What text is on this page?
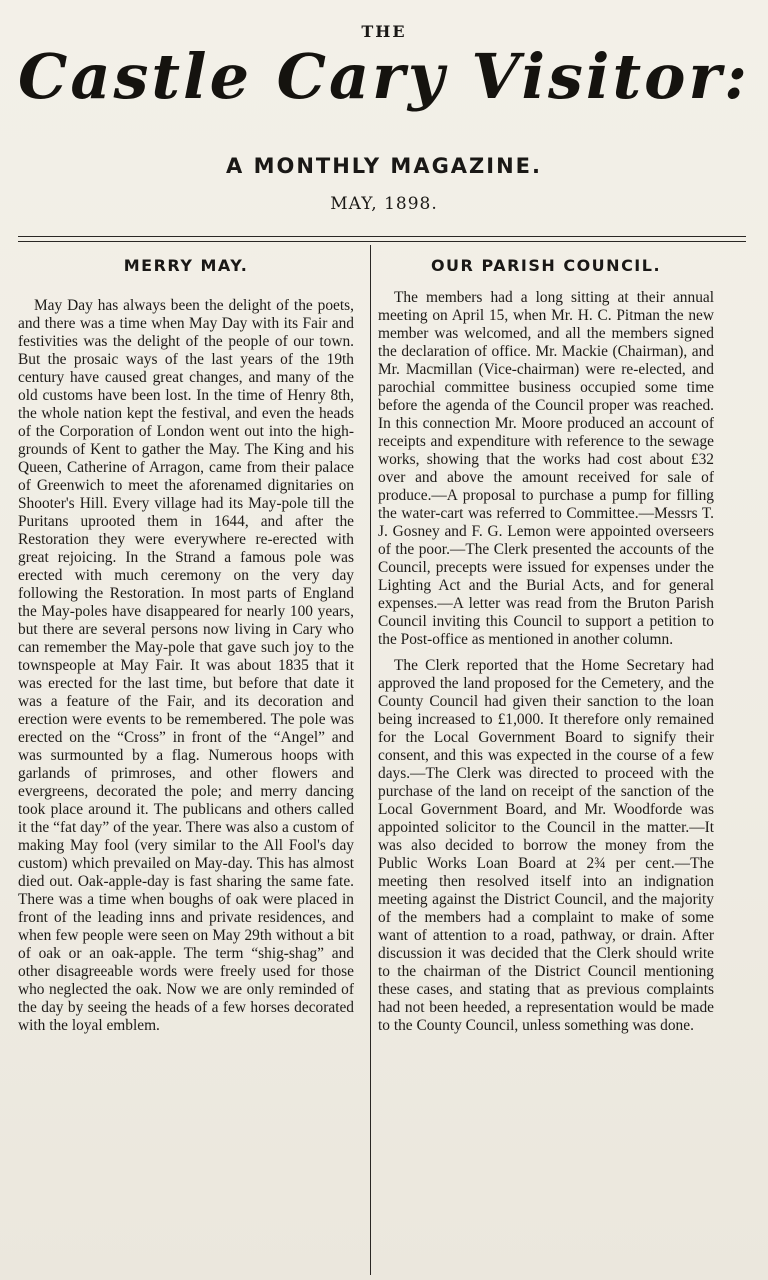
THE
Castle Cary Visitor:
A MONTHLY MAGAZINE.
MAY, 1898.
MERRY MAY.

May Day has always been the delight of the poets, and there was a time when May Day with its Fair and festivities was the delight of the people of our town. But the prosaic ways of the last years of the 19th century have caused great changes, and many of the old customs have been lost. In the time of Henry 8th, the whole nation kept the festival, and even the heads of the Corporation of London went out into the high-grounds of Kent to gather the May. The King and his Queen, Catherine of Arragon, came from their palace of Greenwich to meet the aforenamed dignitaries on Shooter's Hill. Every village had its May-pole till the Puritans uprooted them in 1644, and after the Restoration they were everywhere re-erected with great rejoicing. In the Strand a famous pole was erected with much ceremony on the very day following the Restoration. In most parts of England the May-poles have disappeared for nearly 100 years, but there are several persons now living in Cary who can remember the May-pole that gave such joy to the townspeople at May Fair. It was about 1835 that it was erected for the last time, but before that date it was a feature of the Fair, and its decoration and erection were events to be remembered. The pole was erected on the “Cross” in front of the “Angel” and was surmounted by a flag. Numerous hoops with garlands of primroses, and other flowers and evergreens, decorated the pole; and merry dancing took place around it. The publicans and others called it the “fat day” of the year. There was also a custom of making May fool (very similar to the All Fool's day custom) which prevailed on May-day. This has almost died out. Oak-apple-day is fast sharing the same fate. There was a time when boughs of oak were placed in front of the leading inns and private residences, and when few people were seen on May 29th without a bit of oak or an oak-apple. The term “shig-shag” and other disagreeable words were freely used for those who neglected the oak. Now we are only reminded of the day by seeing the heads of a few horses decorated with the loyal emblem.

OUR PARISH COUNCIL.

The members had a long sitting at their annual meeting on April 15, when Mr. H. C. Pitman the new member was welcomed, and all the members signed the declaration of office. Mr. Mackie (Chairman), and Mr. Macmillan (Vice-chairman) were re-elected, and parochial committee business occupied some time before the agenda of the Council proper was reached. In this connection Mr. Moore produced an account of receipts and expenditure with reference to the sewage works, showing that the works had cost about £32 over and above the amount received for sale of produce.—A proposal to purchase a pump for filling the water-cart was referred to Committee.—Messrs T. J. Gosney and F. G. Lemon were appointed overseers of the poor.—The Clerk presented the accounts of the Council, precepts were issued for expenses under the Lighting Act and the Burial Acts, and for general expenses.—A letter was read from the Bruton Parish Council inviting this Council to support a petition to the Post-office as mentioned in another column.

The Clerk reported that the Home Secretary had approved the land proposed for the Cemetery, and the County Council had given their sanction to the loan being increased to £1,000. It therefore only remained for the Local Government Board to signify their consent, and this was expected in the course of a few days.—The Clerk was directed to proceed with the purchase of the land on receipt of the sanction of the Local Government Board, and Mr. Woodforde was appointed solicitor to the Council in the matter.—It was also decided to borrow the money from the Public Works Loan Board at 2¾ per cent.—The meeting then resolved itself into an indignation meeting against the District Council, and the majority of the members had a complaint to make of some want of attention to a road, pathway, or drain. After discussion it was decided that the Clerk should write to the chairman of the District Council mentioning these cases, and stating that as previous complaints had not been heeded, a representation would be made to the County Council, unless something was done.
